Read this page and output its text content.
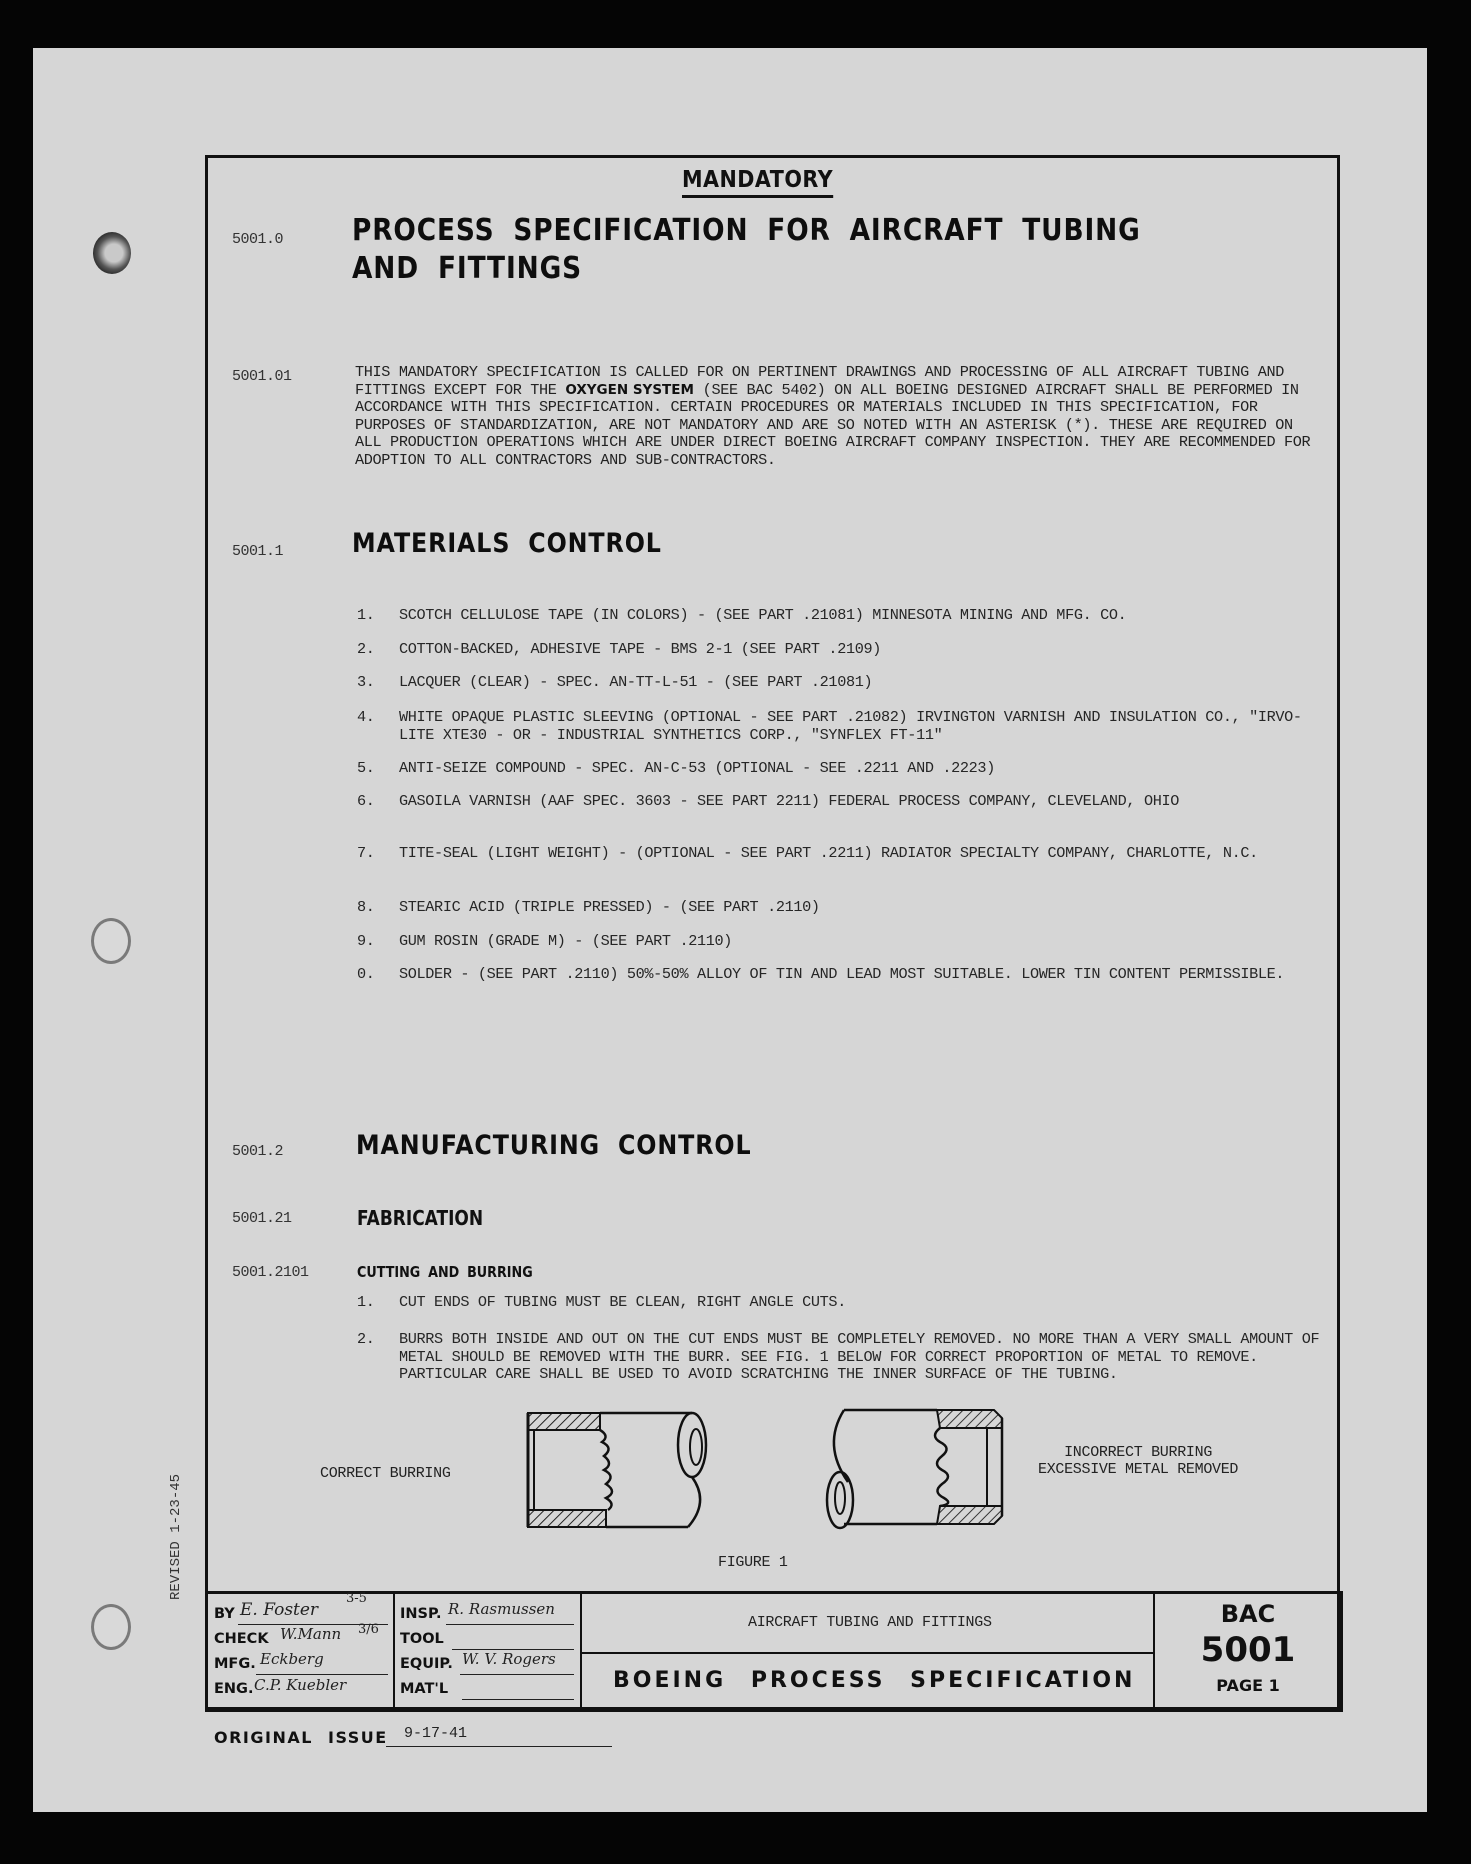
REVISED 1-23-45
MANDATORY
5001.0 PROCESS SPECIFICATION FOR AIRCRAFT TUBING AND FITTINGS
5001.01	THIS MANDATORY SPECIFICATION IS CALLED FOR ON PERTINENT DRAWINGS AND PROCESSING OF ALL AIRCRAFT TUBING AND FITTINGS EXCEPT FOR THE OXYGEN SYSTEM (SEE BAC 5402) ON ALL BOEING DESIGNED AIRCRAFT SHALL BE PERFORMED IN ACCORDANCE WITH THIS SPECIFICATION. CERTAIN PROCEDURES OR MATERIALS INCLUDED IN THIS SPECIFICATION, FOR PURPOSES OF STANDARDIZATION, ARE NOT MANDATORY AND ARE SO NOTED WITH AN ASTERISK (*). THESE ARE REQUIRED ON ALL PRODUCTION OPERATIONS WHICH ARE UNDER DIRECT BOEING AIRCRAFT COMPANY INSPECTION. THEY ARE RECOMMENDED FOR ADOPTION TO ALL CONTRACTORS AND SUB-CONTRACTORS.
5001.1	MATERIALS CONTROL
1. SCOTCH CELLULOSE TAPE (IN COLORS) - (SEE PART .21081) MINNESOTA MINING AND MFG. CO.
2. COTTON-BACKED, ADHESIVE TAPE - BMS 2-1 (SEE PART .2109)
3. LACQUER (CLEAR) - SPEC. AN-TT-L-51 - (SEE PART .21081)
4. WHITE OPAQUE PLASTIC SLEEVING (OPTIONAL - SEE PART .21082) IRVINGTON VARNISH AND INSULATION CO., "IRVO-LITE XTE30 - OR - INDUSTRIAL SYNTHETICS CORP., "SYNFLEX FT-11"
5. ANTI-SEIZE COMPOUND - SPEC. AN-C-53 (OPTIONAL - SEE .2211 AND .2223)
6. GASOILA VARNISH (AAF SPEC. 3603 - SEE PART 2211) FEDERAL PROCESS COMPANY, CLEVELAND, OHIO
7. TITE-SEAL (LIGHT WEIGHT) - (OPTIONAL - SEE PART .2211) RADIATOR SPECIALTY COMPANY, CHARLOTTE, N.C.
8. STEARIC ACID (TRIPLE PRESSED) - (SEE PART .2110)
9. GUM ROSIN (GRADE M) - (SEE PART .2110)
0. SOLDER - (SEE PART .2110) 50%-50% ALLOY OF TIN AND LEAD MOST SUITABLE. LOWER TIN CONTENT PERMISSIBLE.
5001.2	MANUFACTURING CONTROL
5001.21	FABRICATION
5001.2101	CUTTING AND BURRING
1. CUT ENDS OF TUBING MUST BE CLEAN, RIGHT ANGLE CUTS.
2. BURRS BOTH INSIDE AND OUT ON THE CUT ENDS MUST BE COMPLETELY REMOVED. NO MORE THAN A VERY SMALL AMOUNT OF METAL SHOULD BE REMOVED WITH THE BURR. SEE FIG. 1 BELOW FOR CORRECT PROPORTION OF METAL TO REMOVE. PARTICULAR CARE SHALL BE USED TO AVOID SCRATCHING THE INNER SURFACE OF THE TUBING.
CORRECT BURRING
INCORRECT BURRING
EXCESSIVE METAL REMOVED
FIGURE 1
BY E. Foster
3-5
CHECK W.Mann 3/6
MFG. Eckberg
ENG. C.P. Kuebler
INSP. R. Rasmussen
TOOL
EQUIP. W. V. Rogers
MAT'L
AIRCRAFT TUBING AND FITTINGS
BOEING PROCESS SPECIFICATION
BAC
5001
PAGE 1
ORIGINAL ISSUE 9-17-41
